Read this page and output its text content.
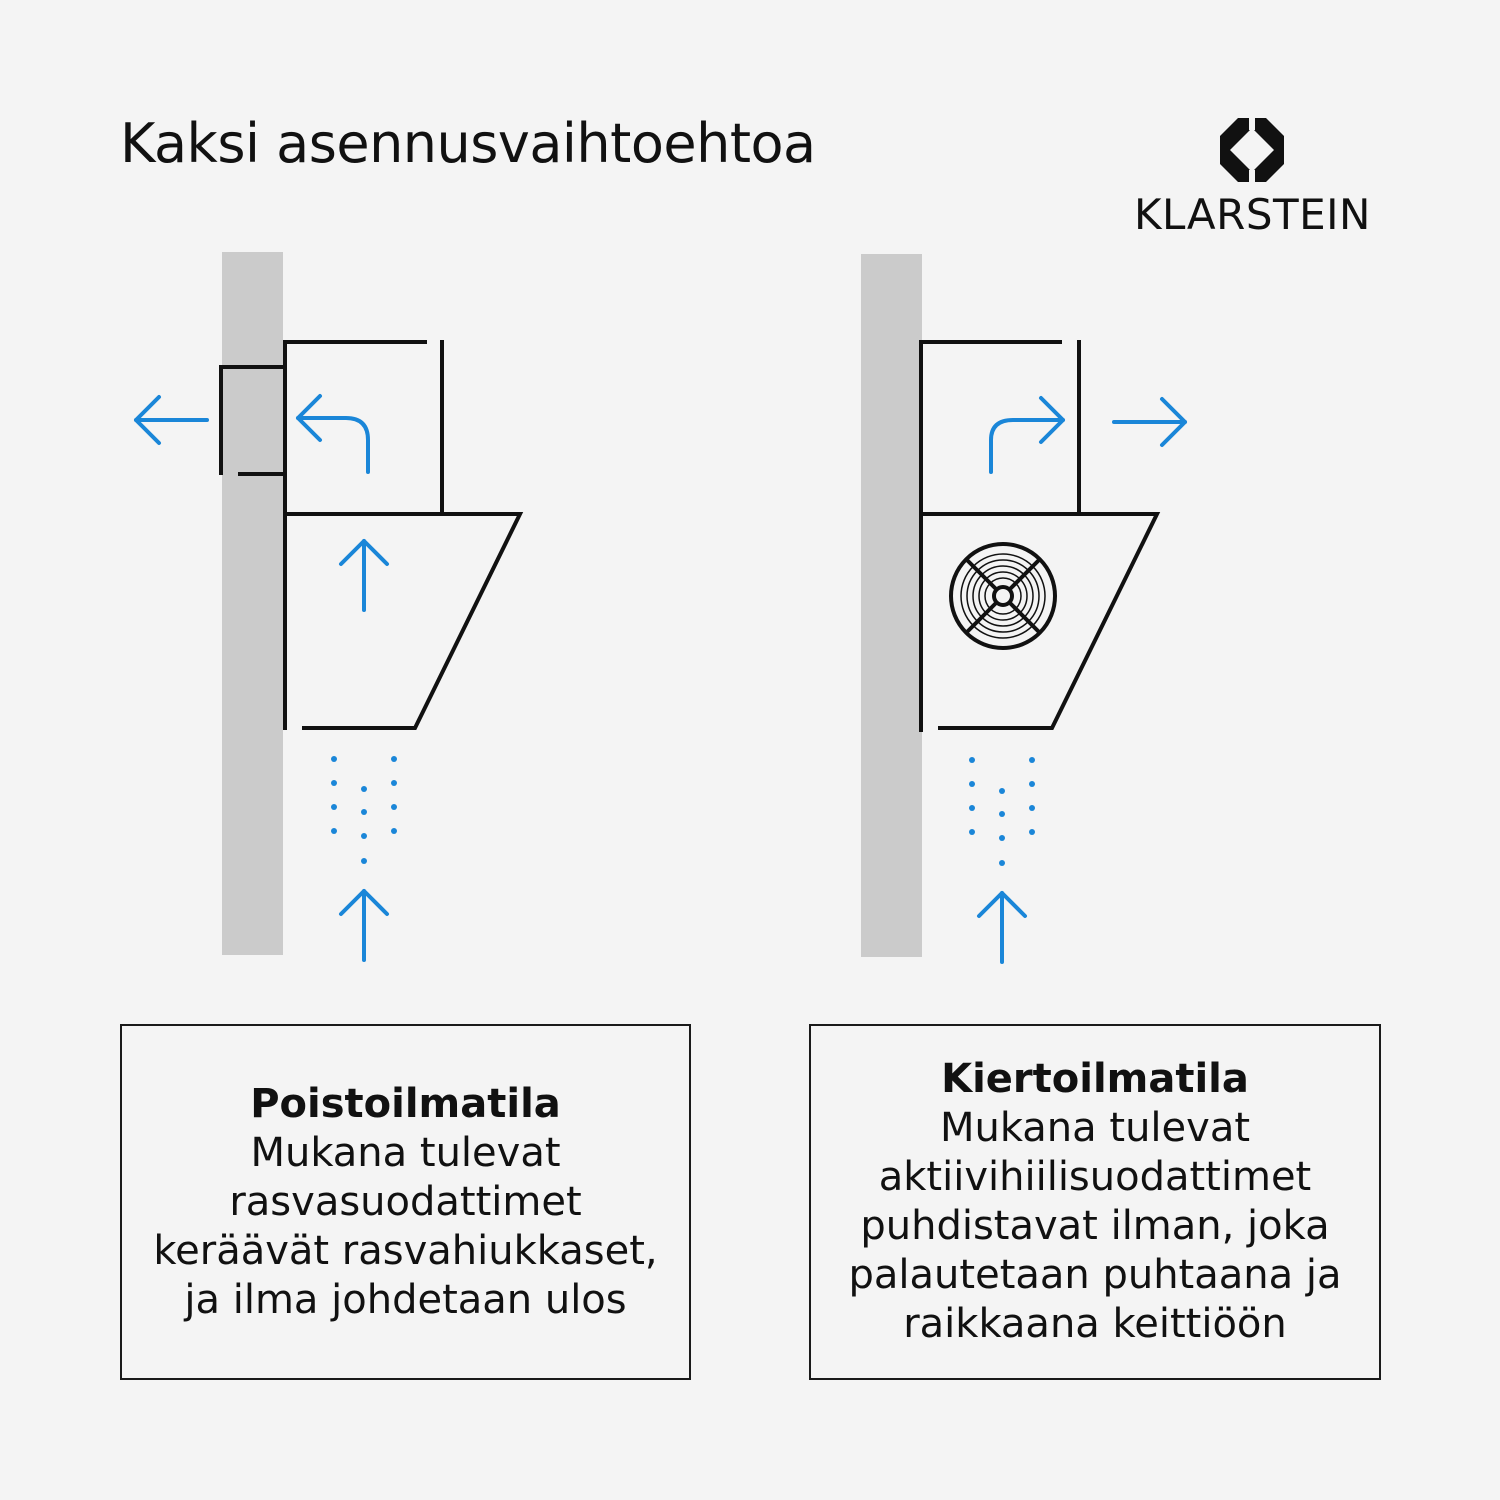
Kaksi asennusvaihtoehtoa
KLARSTEIN
Poistoilmatila
Mukana tulevat
rasvasuodattimet
keräävät rasvahiukkaset,
ja ilma johdetaan ulos
Kiertoilmatila
Mukana tulevat
aktiivihiilisuodattimet
puhdistavat ilman, joka
palautetaan puhtaana ja
raikkaana keittiöön
